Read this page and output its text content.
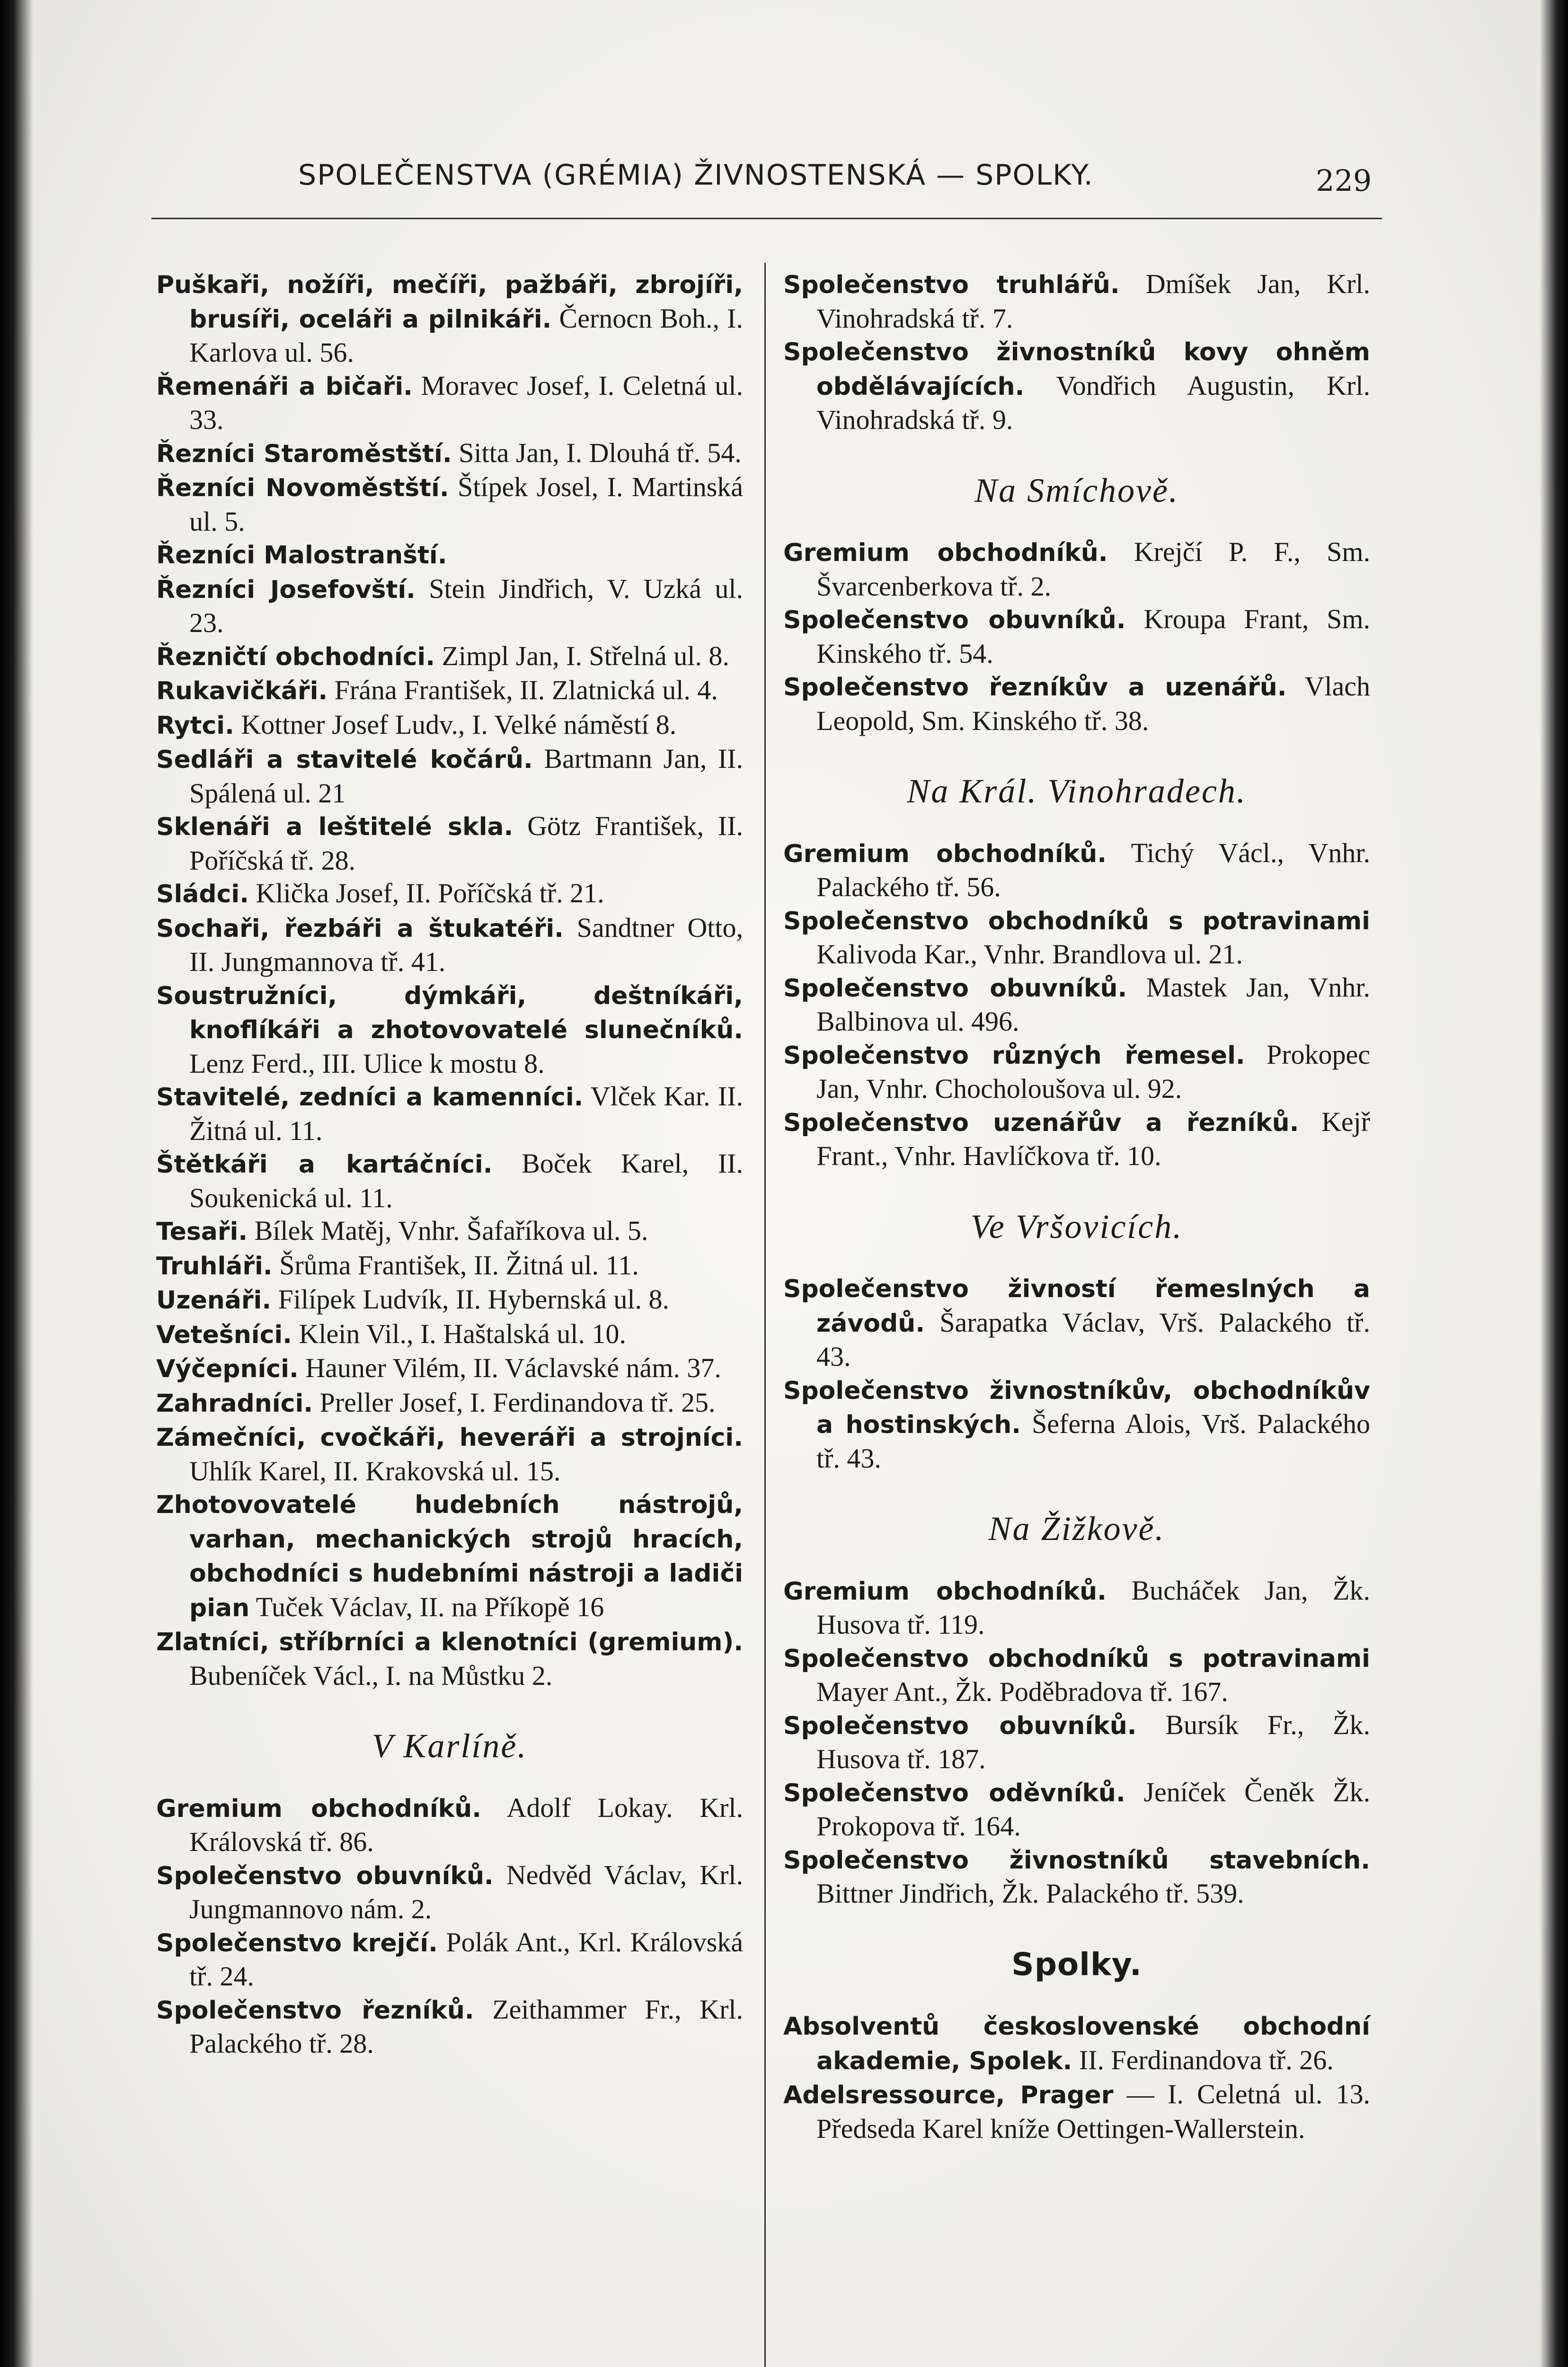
SPOLEČENSTVA (GRÉMIA) ŽIVNOSTENSKÁ — SPOLKY.	229

Puškaři, nožíři, mečíři, pažbáři, zbrojíři, brusíři, oceláři a pilnikáři. Černocn Boh., I. Karlova ul. 56.

Řemenáři a bičaři. Moravec Josef, I. Celetná ul. 33.

Řezníci Staroměstští. Sitta Jan, I. Dlouhá tř. 54.

Řezníci Novoměstští. Štípek Josel, I. Martinská ul. 5.

Řezníci Malostranští.

Řezníci Josefovští. Stein Jindřich, V. Uzká ul. 23.

Řezničtí obchodníci. Zimpl Jan, I. Střelná ul. 8.

Rukavičkáři. Frána František, II. Zlatnická ul. 4.

Rytci. Kottner Josef Ludv., I. Velké náměstí 8.

Sedláři a stavitelé kočárů. Bartmann Jan, II. Spálená ul. 21

Sklenáři a leštitelé skla. Götz František, II. Poříčská tř. 28.

Sládci. Klička Josef, II. Poříčská tř. 21.

Sochaři, řezbáři a štukatéři. Sandtner Otto, II. Jungmannova tř. 41.

Soustružníci, dýmkáři, deštníkáři, knoflíkáři a zhotovovatelé slunečníků. Lenz Ferd., III. Ulice k mostu 8.

Stavitelé, zedníci a kamenníci. Vlček Kar. II. Žitná ul. 11.

Štětkáři a kartáčníci. Boček Karel, II. Soukenická ul. 11.

Tesaři. Bílek Matěj, Vnhr. Šafaříkova ul. 5.

Truhláři. Šrůma František, II. Žitná ul. 11.

Uzenáři. Filípek Ludvík, II. Hybernská ul. 8.

Vetešníci. Klein Vil., I. Haštalská ul. 10.

Výčepníci. Hauner Vilém, II. Václavské nám. 37.

Zahradníci. Preller Josef, I. Ferdinandova tř. 25.

Zámečníci, cvočkáři, heveráři a strojníci. Uhlík Karel, II. Krakovská ul. 15.

Zhotovovatelé hudebních nástrojů, varhan, mechanických strojů hracích, obchodníci s hudebními nástroji a ladiči pian Tuček Václav, II. na Příkopě 16

Zlatníci, stříbrníci a klenotníci (gremium). Bubeníček Václ., I. na Můstku 2.

V Karlíně.

Gremium obchodníků. Adolf Lokay. Krl. Královská tř. 86.

Společenstvo obuvníků. Nedvěd Václav, Krl. Jungmannovo nám. 2.

Společenstvo krejčí. Polák Ant., Krl. Královská tř. 24.

Společenstvo řezníků. Zeithammer Fr., Krl. Palackého tř. 28.

Společenstvo truhlářů. Dmíšek Jan, Krl. Vinohradská tř. 7.

Společenstvo živnostníků kovy ohněm obdělávajících. Vondřich Augustin, Krl. Vinohradská tř. 9.

Na Smíchově.

Gremium obchodníků. Krejčí P. F., Sm. Švarcenberkova tř. 2.

Společenstvo obuvníků. Kroupa Frant, Sm. Kinského tř. 54.

Společenstvo řezníkův a uzenářů. Vlach Leopold, Sm. Kinského tř. 38.

Na Král. Vinohradech.

Gremium obchodníků. Tichý Václ., Vnhr. Palackého tř. 56.

Společenstvo obchodníků s potravinami Kalivoda Kar., Vnhr. Brandlova ul. 21.

Společenstvo obuvníků. Mastek Jan, Vnhr. Balbinova ul. 496.

Společenstvo různých řemesel. Prokopec Jan, Vnhr. Chocholoušova ul. 92.

Společenstvo uzenářův a řezníků. Kejř Frant., Vnhr. Havlíčkova tř. 10.

Ve Vršovicích.

Společenstvo živností řemeslných a závodů. Šarapatka Václav, Vrš. Palackého tř. 43.

Společenstvo živnostníkův, obchodníkův a hostinských. Šeferna Alois, Vrš. Palackého tř. 43.

Na Žižkově.

Gremium obchodníků. Bucháček Jan, Žk. Husova tř. 119.

Společenstvo obchodníků s potravinami Mayer Ant., Žk. Poděbradova tř. 167.

Společenstvo obuvníků. Bursík Fr., Žk. Husova tř. 187.

Společenstvo oděvníků. Jeníček Čeněk Žk. Prokopova tř. 164.

Společenstvo živnostníků stavebních. Bittner Jindřich, Žk. Palackého tř. 539.

Spolky.

Absolventů československé obchodní akademie, Spolek. II. Ferdinandova tř. 26.

Adelsressource, Prager — I. Celetná ul. 13. Předseda Karel kníže Oettingen-Wallerstein.
